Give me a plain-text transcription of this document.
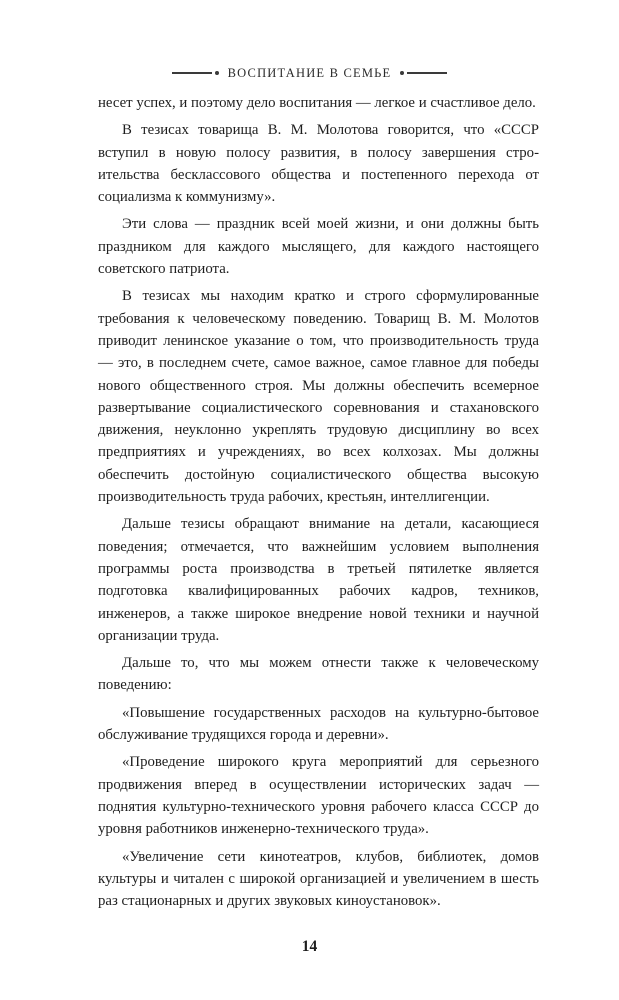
ВОСПИТАНИЕ В СЕМЬЕ

несет успех, и поэтому дело воспитания — легкое и счастливое дело.

В тезисах товарища В. М. Молотова говорится, что «СССР вступил в новую полосу развития, в полосу завершения строительства бесклассового общества и постепенного перехода от социализма к коммунизму».

Эти слова — праздник всей моей жизни, и они должны быть праздником для каждого мыслящего, для каждого настоящего советского патриота.

В тезисах мы находим кратко и строго сформулированные требования к человеческому поведению. Товарищ В. М. Молотов приводит ленинское указание о том, что производительность труда — это, в последнем счете, самое важное, самое главное для победы нового общественного строя. Мы должны обеспечить всемерное развертывание социалистического соревнования и стахановского движения, неуклонно укреплять трудовую дисциплину во всех предприятиях и учреждениях, во всех колхозах. Мы должны обеспечить достойную социалистического общества высокую производительность труда рабочих, крестьян, интеллигенции.

Дальше тезисы обращают внимание на детали, касающиеся поведения; отмечается, что важнейшим условием выполнения программы роста производства в третьей пятилетке является подготовка квалифицированных рабочих кадров, техников, инженеров, а также широкое внедрение новой техники и научной организации труда.

Дальше то, что мы можем отнести также к человеческому поведению:

«Повышение государственных расходов на культурно-бытовое обслуживание трудящихся города и деревни».

«Проведение широкого круга мероприятий для серьезного продвижения вперед в осуществлении исторических задач — поднятия культурно-технического уровня рабочего класса СССР до уровня работников инженерно-технического труда».

«Увеличение сети кинотеатров, клубов, библиотек, домов культуры и читален с широкой организацией и увеличением в шесть раз стационарных и других звуковых киноустановок».

14
